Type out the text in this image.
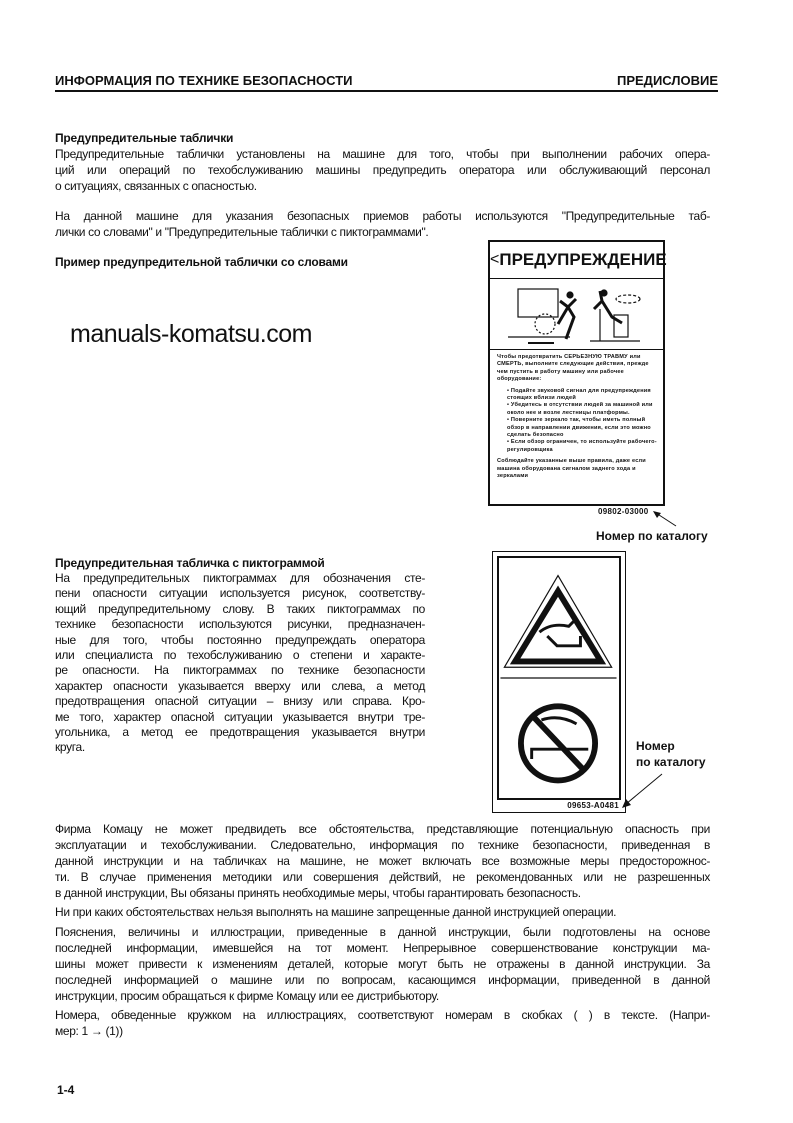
ИНФОРМАЦИЯ ПО ТЕХНИКЕ БЕЗОПАСНОСТИ	ПРЕДИСЛОВИЕ
Предупредительные таблички
Предупредительные таблички установлены на машине для того, чтобы при выполнении рабочих опера-
ций или операций по техобслуживанию машины предупредить оператора или обслуживающий персонал
о ситуациях, связанных с опасностью.
На данной машине для указания безопасных приемов работы используются "Предупредительные таб-
лички со словами" и "Предупредительные таблички с пиктограммами".
Пример предупредительной таблички со словами
manuals-komatsu.com
< ПРЕДУПРЕЖДЕНИЕ
Чтобы предотвратить СЕРЬЕЗНУЮ ТРАВМУ или СМЕРТЬ, выполните следующие действия, прежде чем пустить в работу машину или рабочее оборудование:
• Подайте звуковой сигнал для предупреждения стоящих вблизи людей
• Убедитесь в отсутствии людей за машиной или около нее и возле лестницы платформы.
• Поверните зеркало так, чтобы иметь полный обзор в направлении движения, если это можно сделать безопасно
• Если обзор ограничен, то используйте рабочего-регулировщика
Соблюдайте указанные выше правила, даже если машина оборудована сигналом заднего хода и зеркалами
09802-03000
Номер по каталогу
Предупредительная табличка с пиктограммой
На предупредительных пиктограммах для обозначения сте-
пени опасности ситуации используется рисунок, соответству-
ющий предупредительному слову. В таких пиктограммах по
технике безопасности используются рисунки, предназначен-
ные для того, чтобы постоянно предупреждать оператора
или специалиста по техобслуживанию о степени и характе-
ре опасности. На пиктограммах по технике безопасности
характер опасности указывается вверху или слева, а метод
предотвращения опасной ситуации – внизу или справа. Кро-
ме того, характер опасной ситуации указывается внутри тре-
угольника, а метод ее предотвращения указывается внутри
круга.
09653-A0481
Номер
по каталогу
Фирма Комацу не может предвидеть все обстоятельства, представляющие потенциальную опасность при
эксплуатации и техобслуживании. Следовательно, информация по технике безопасности, приведенная в
данной инструкции и на табличках на машине, не может включать все возможные меры предосторожнос-
ти. В случае применения методики или совершения действий, не рекомендованных или не разрешенных
в данной инструкции, Вы обязаны принять необходимые меры, чтобы гарантировать безопасность.
Ни при каких обстоятельствах нельзя выполнять на машине запрещенные данной инструкцией операции.
Пояснения, величины и иллюстрации, приведенные в данной инструкции, были подготовлены на основе
последней информации, имевшейся на тот момент. Непрерывное совершенствование конструкции ма-
шины может привести к изменениям деталей, которые могут быть не отражены в данной инструкции. За
последней информацией о машине или по вопросам, касающимся информации, приведенной в данной
инструкции, просим обращаться к фирме Комацу или ее дистрибьютору.
Номера, обведенные кружком на иллюстрациях, соответствуют номерам в скобках ( ) в тексте. (Напри-
мер: 1 → (1))
1-4
